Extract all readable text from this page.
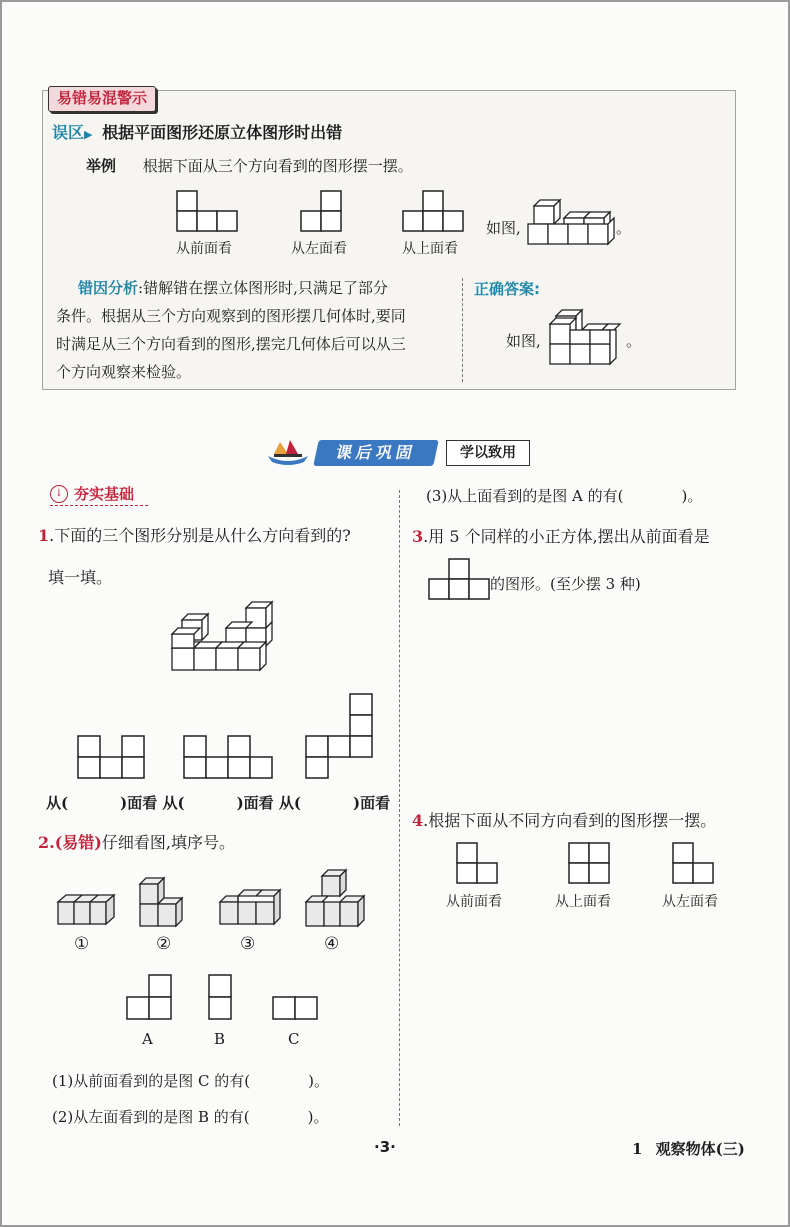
易错易混警示
误区▶ 根据平面图形还原立体图形时出错
举例 根据下面从三个方向看到的图形摆一摆。
从前面看	从左面看	从上面看
如图,	。
错因分析:错解错在摆立体图形时,只满足了部分
条件。根据从三个方向观察到的图形摆几何体时,要同
时满足从三个方向看到的图形,摆完几何体后可以从三
个方向观察来检验。
正确答案:
如图,	。
课后巩固	学以致用
↓ 夯实基础
1.下面的三个图形分别是从什么方向看到的?
填一填。
从(	)面看 从(	)面看 从(	)面看
2.(易错)仔细看图,填序号。
①	②	③	④
A	B	C
(1)从前面看到的是图 C 的有(	)。
(2)从左面看到的是图 B 的有(	)。
(3)从上面看到的是图 A 的有(	)。
3.用 5 个同样的小正方体,摆出从前面看是
的图形。(至少摆 3 种)
4.根据下面从不同方向看到的图形摆一摆。
从前面看	从上面看	从左面看
·3·	1 观察物体(三)
